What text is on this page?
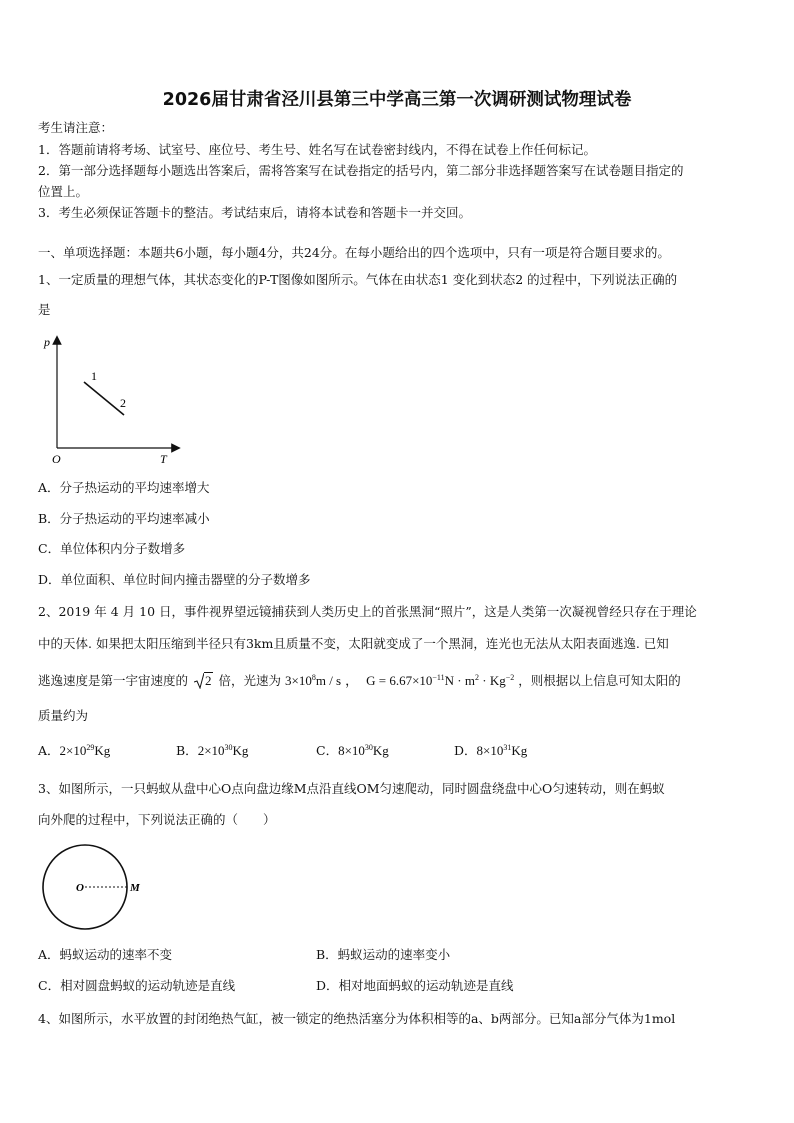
2026届甘肃省泾川县第三中学高三第一次调研测试物理试卷
考生请注意：
1．答题前请将考场、试室号、座位号、考生号、姓名写在试卷密封线内，不得在试卷上作任何标记。
2．第一部分选择题每小题选出答案后，需将答案写在试卷指定的括号内，第二部分非选择题答案写在试卷题目指定的
位置上。
3．考生必须保证答题卡的整洁。考试结束后，请将本试卷和答题卡一并交回。
一、单项选择题：本题共6小题，每小题4分，共24分。在每小题给出的四个选项中，只有一项是符合题目要求的。
1、一定质量的理想气体，其状态变化的P-T图像如图所示。气体在由状态1 变化到状态2 的过程中，下列说法正确的
是
p
T
O
1
2
A．分子热运动的平均速率增大
B．分子热运动的平均速率减小
C．单位体积内分子数增多
D．单位面积、单位时间内撞击器壁的分子数增多
2、2019 年 4 月 10 日，事件视界望远镜捕获到人类历史上的首张黑洞“照片”，这是人类第一次凝视曾经只存在于理论
中的天体. 如果把太阳压缩到半径只有3km且质量不变，太阳就变成了一个黑洞，连光也无法从太阳表面逃逸. 已知
逃逸速度是第一宇宙速度的 2 倍，光速为 $3\times 10^8m / s$ ， $G = 6.67\times 10^{-11}N \cdot m^2 \cdot Kg^{-2}$ ，则根据以上信息可知太阳的
质量约为
A．$2\times 10^{29}Kg$	B．$2\times 10^{30}Kg$	C．$8\times 10^{30}Kg$	D．$8\times 10^{31}Kg$
3、如图所示，一只蚂蚁从盘中心O点向盘边缘M点沿直线OM匀速爬动，同时圆盘绕盘中心O匀速转动，则在蚂蚁
向外爬的过程中，下列说法正确的（　　）
O	M
A．蚂蚁运动的速率不变	B．蚂蚁运动的速率变小
C．相对圆盘蚂蚁的运动轨迹是直线	D．相对地面蚂蚁的运动轨迹是直线
4、如图所示，水平放置的封闭绝热气缸，被一锁定的绝热活塞分为体积相等的a、b两部分。已知a部分气体为1mol
